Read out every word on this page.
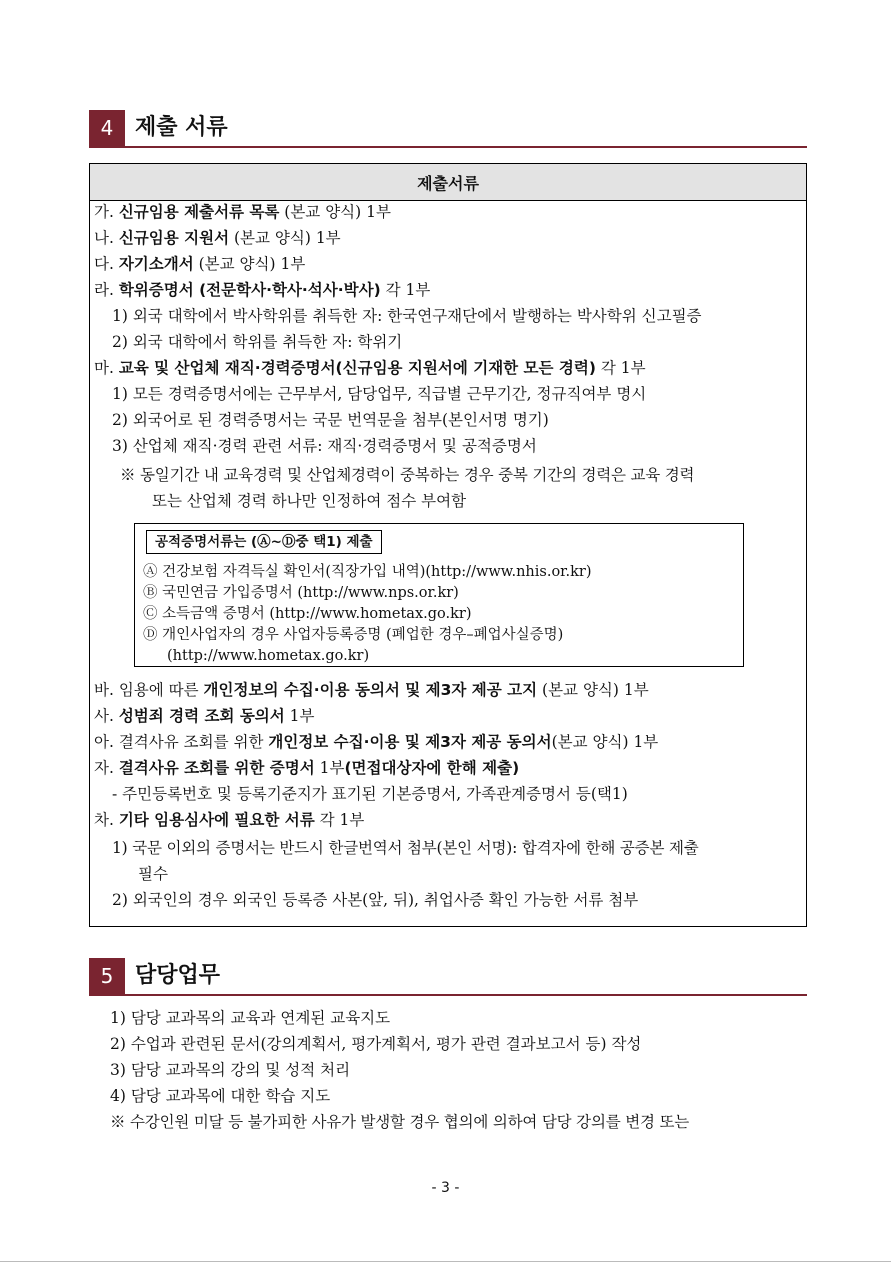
4 제출 서류
제출서류
가. 신규임용 제출서류 목록 (본교 양식) 1부
나. 신규임용 지원서 (본교 양식) 1부
다. 자기소개서 (본교 양식) 1부
라. 학위증명서 (전문학사·학사·석사·박사) 각 1부
1) 외국 대학에서 박사학위를 취득한 자: 한국연구재단에서 발행하는 박사학위 신고필증
2) 외국 대학에서 학위를 취득한 자: 학위기
마. 교육 및 산업체 재직·경력증명서(신규임용 지원서에 기재한 모든 경력) 각 1부
1) 모든 경력증명서에는 근무부서, 담당업무, 직급별 근무기간, 정규직여부 명시
2) 외국어로 된 경력증명서는 국문 번역문을 첨부(본인서명 명기)
3) 산업체 재직·경력 관련 서류: 재직·경력증명서 및 공적증명서
※ 동일기간 내 교육경력 및 산업체경력이 중복하는 경우 중복 기간의 경력은 교육 경력
또는 산업체 경력 하나만 인정하여 점수 부여함
공적증명서류는 (Ⓐ~Ⓓ중 택1) 제출
Ⓐ 건강보험 자격득실 확인서(직장가입 내역)(http://www.nhis.or.kr)
Ⓑ 국민연금 가입증명서 (http://www.nps.or.kr)
Ⓒ 소득금액 증명서 (http://www.hometax.go.kr)
Ⓓ 개인사업자의 경우 사업자등록증명 (폐업한 경우–폐업사실증명)
(http://www.hometax.go.kr)
바. 임용에 따른 개인정보의 수집·이용 동의서 및 제3자 제공 고지 (본교 양식) 1부
사. 성범죄 경력 조회 동의서 1부
아. 결격사유 조회를 위한 개인정보 수집·이용 및 제3자 제공 동의서(본교 양식) 1부
자. 결격사유 조회를 위한 증명서 1부(면접대상자에 한해 제출)
- 주민등록번호 및 등록기준지가 표기된 기본증명서, 가족관계증명서 등(택1)
차. 기타 임용심사에 필요한 서류 각 1부
1) 국문 이외의 증명서는 반드시 한글번역서 첨부(본인 서명): 합격자에 한해 공증본 제출
필수
2) 외국인의 경우 외국인 등록증 사본(앞, 뒤), 취업사증 확인 가능한 서류 첨부
5 담당업무
1) 담당 교과목의 교육과 연계된 교육지도
2) 수업과 관련된 문서(강의계획서, 평가계획서, 평가 관련 결과보고서 등) 작성
3) 담당 교과목의 강의 및 성적 처리
4) 담당 교과목에 대한 학습 지도
※ 수강인원 미달 등 불가피한 사유가 발생할 경우 협의에 의하여 담당 강의를 변경 또는
- 3 -
